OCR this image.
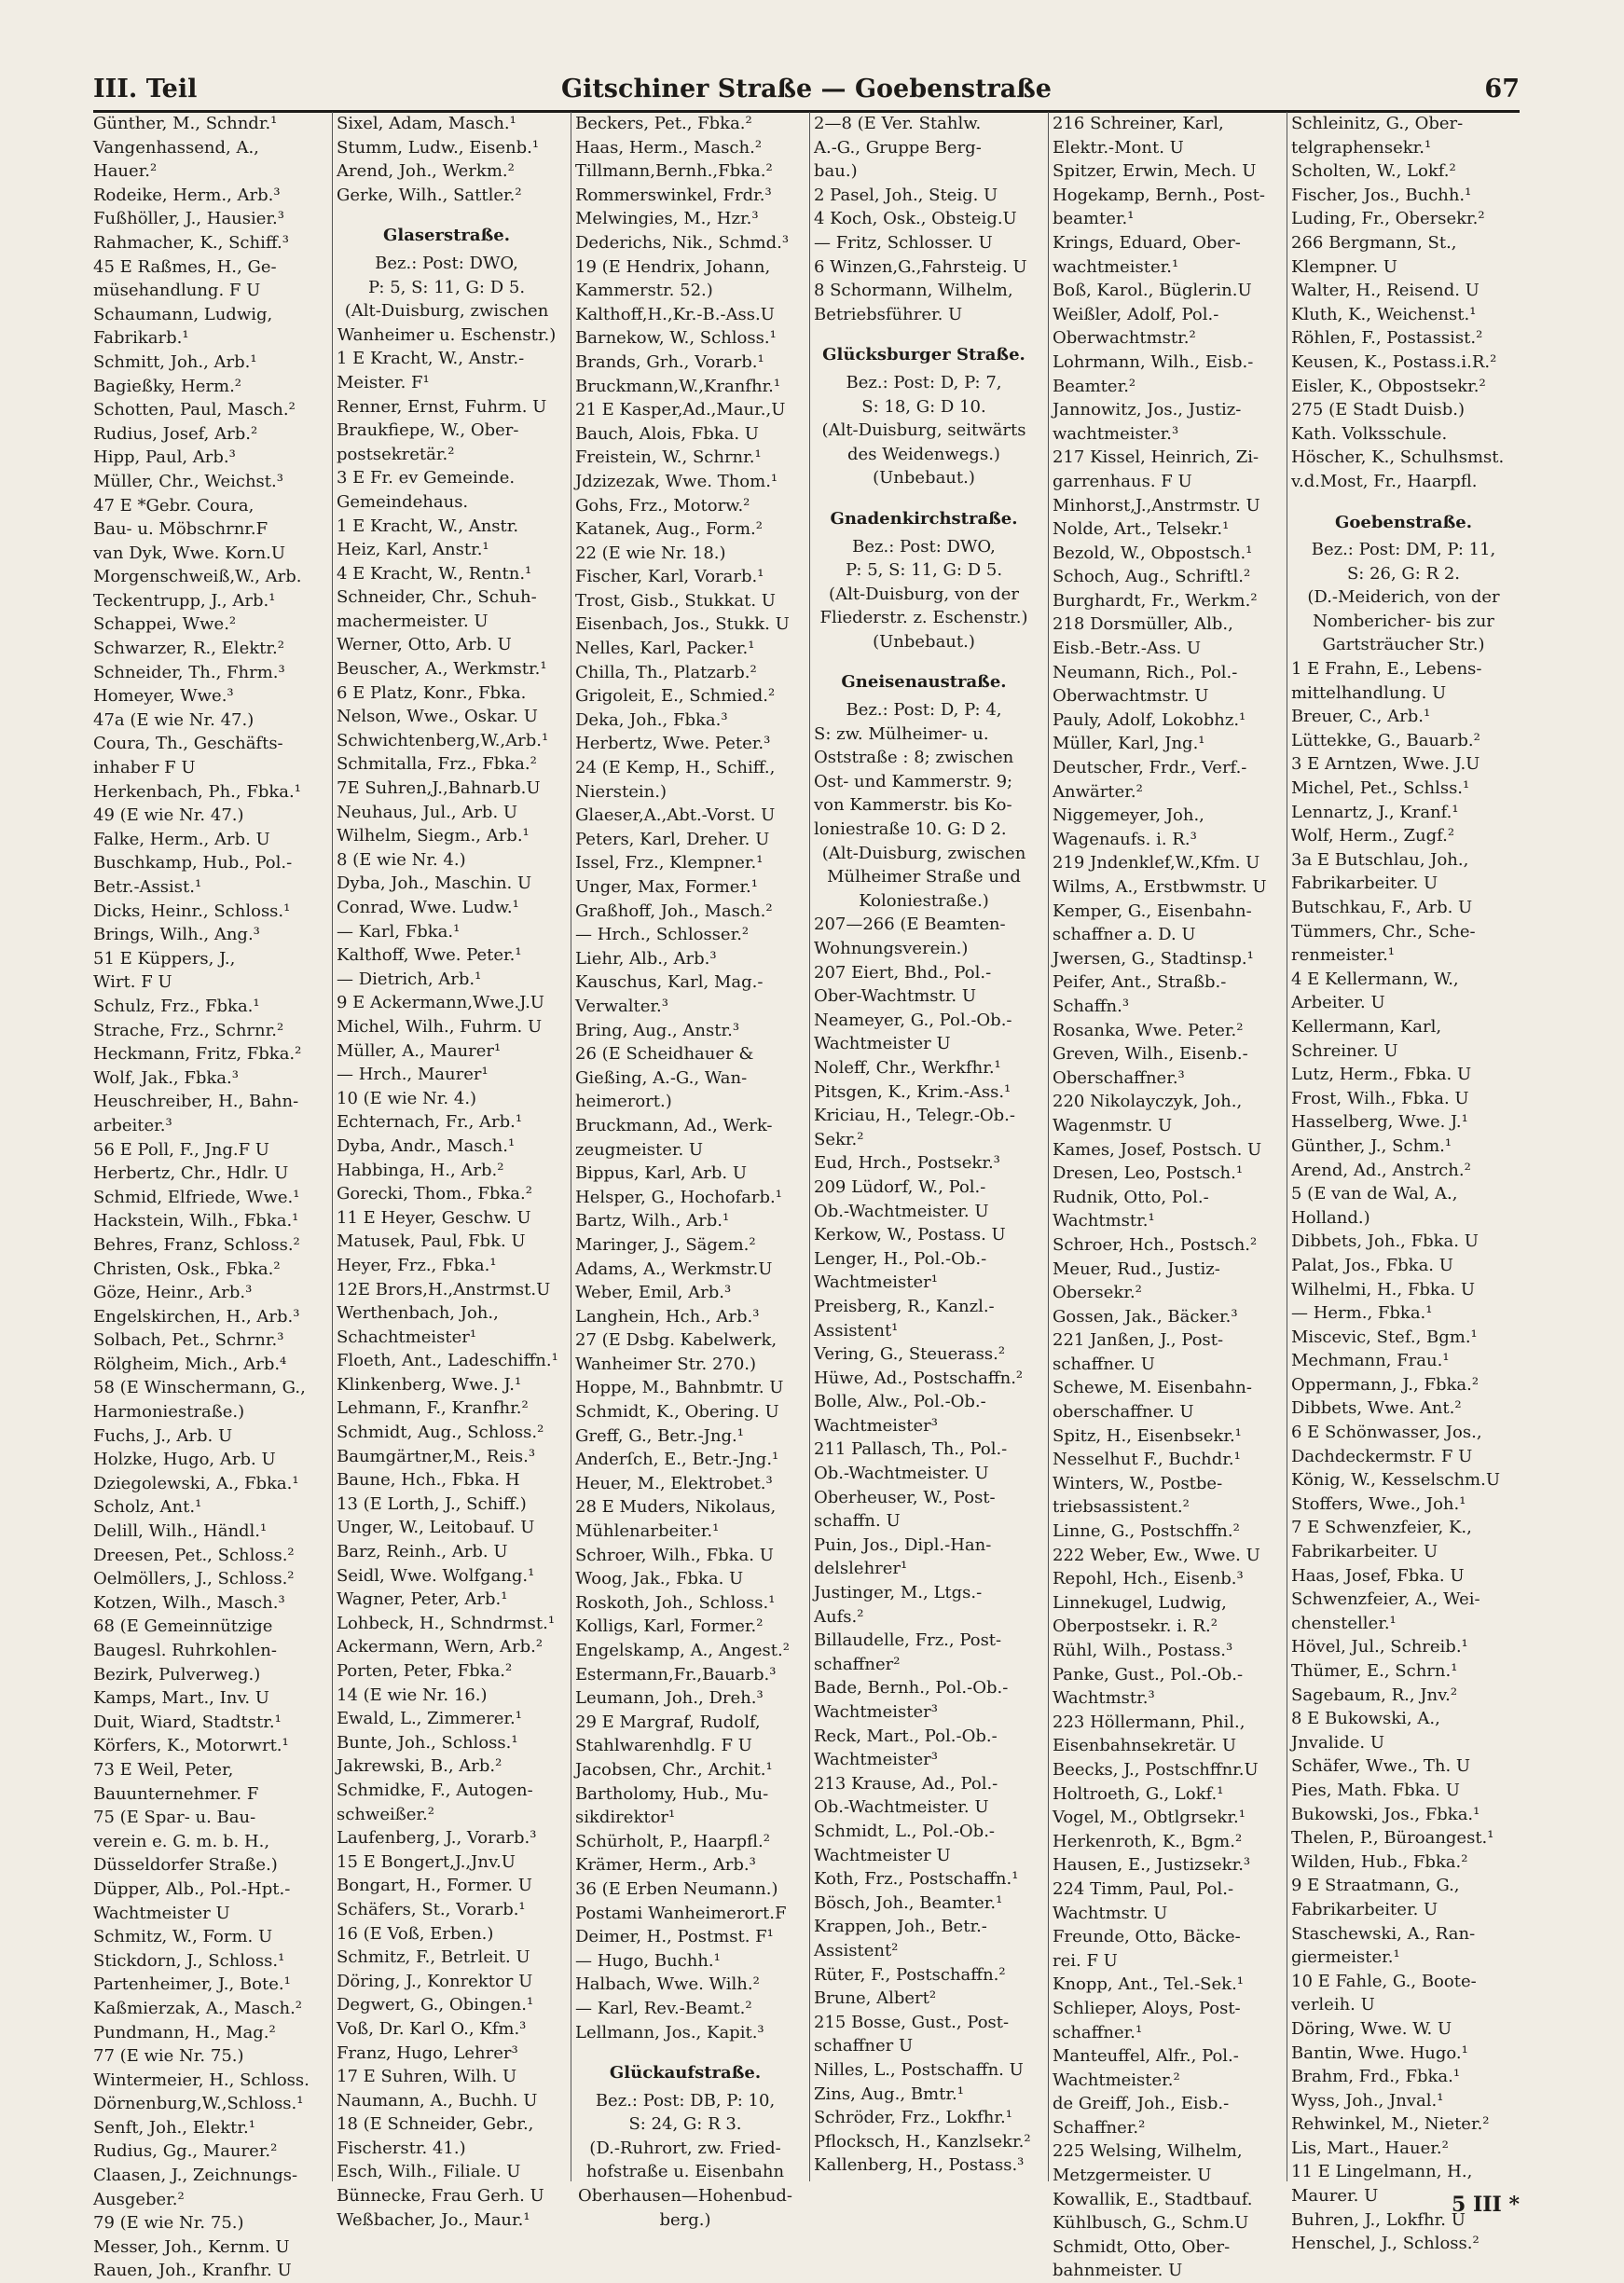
III. Teil	Gitschiner Straße — Goebenstraße	67
Günther, M., Schndr.¹
Vangenhassend, A.,
Hauer.²
Rodeike, Herm., Arb.³
Fußhöller, J., Hausier.³
Rahmacher, K., Schiff.³
45 E Raßmes, H., Ge-
müsehandlung. F U
Schaumann, Ludwig,
Fabrikarb.¹
Schmitt, Joh., Arb.¹
Bagießky, Herm.²
Schotten, Paul, Masch.²
Rudius, Josef, Arb.²
Hipp, Paul, Arb.³
Müller, Chr., Weichst.³
47 E *Gebr. Coura,
Bau- u. Möbschrnr.F
van Dyk, Wwe. Korn.U
Morgenschweiß,W., Arb.
Teckentrupp, J., Arb.¹
Schappei, Wwe.²
Schwarzer, R., Elektr.²
Schneider, Th., Fhrm.³
Homeyer, Wwe.³
47a (E wie Nr. 47.)
Coura, Th., Geschäfts-
inhaber F U
Herkenbach, Ph., Fbka.¹
49 (E wie Nr. 47.)
Falke, Herm., Arb. U
Buschkamp, Hub., Pol.-
Betr.-Assist.¹
Dicks, Heinr., Schloss.¹
Brings, Wilh., Ang.³
51 E Küppers, J.,
Wirt. F U
Schulz, Frz., Fbka.¹
Strache, Frz., Schrnr.²
Heckmann, Fritz, Fbka.²
Wolf, Jak., Fbka.³
Heuschreiber, H., Bahn-
arbeiter.³
56 E Poll, F., Jng.F U
Herbertz, Chr., Hdlr. U
Schmid, Elfriede, Wwe.¹
Hackstein, Wilh., Fbka.¹
Behres, Franz, Schloss.²
Christen, Osk., Fbka.²
Göze, Heinr., Arb.³
Engelskirchen, H., Arb.³
Solbach, Pet., Schrnr.³
Rölgheim, Mich., Arb.⁴
58 (E Winschermann, G.,
Harmoniestraße.)
Fuchs, J., Arb. U
Holzke, Hugo, Arb. U
Dziegolewski, A., Fbka.¹
Scholz, Ant.¹
Delill, Wilh., Händl.¹
Dreesen, Pet., Schloss.²
Oelmöllers, J., Schloss.²
Kotzen, Wilh., Masch.³
68 (E Gemeinnützige
Baugesl. Ruhrkohlen-
Bezirk, Pulverweg.)
Kamps, Mart., Inv. U
Duit, Wiard, Stadtstr.¹
Körfers, K., Motorwrt.¹
73 E Weil, Peter,
Bauunternehmer. F
75 (E Spar- u. Bau-
verein e. G. m. b. H.,
Düsseldorfer Straße.)
Düpper, Alb., Pol.-Hpt.-
Wachtmeister U
Schmitz, W., Form. U
Stickdorn, J., Schloss.¹
Partenheimer, J., Bote.¹
Kaßmierzak, A., Masch.²
Pundmann, H., Mag.²
77 (E wie Nr. 75.)
Wintermeier, H., Schloss.
Dörnenburg,W.,Schloss.¹
Senft, Joh., Elektr.¹
Rudius, Gg., Maurer.²
Claasen, J., Zeichnungs-
Ausgeber.²
79 (E wie Nr. 75.)
Messer, Joh., Kernm. U
Rauen, Joh., Kranfhr. U
Sixel, Adam, Masch.¹
Stumm, Ludw., Eisenb.¹
Arend, Joh., Werkm.²
Gerke, Wilh., Sattler.²
Glaserstraße.
Bez.: Post: DWO,
P: 5, S: 11, G: D 5.
(Alt-Duisburg, zwischen
Wanheimer u. Eschenstr.)
1 E Kracht, W., Anstr.-
Meister. F¹
Renner, Ernst, Fuhrm. U
Braukfiepe, W., Ober-
postsekretär.²
3 E Fr. ev Gemeinde.
Gemeindehaus.
1 E Kracht, W., Anstr.
Heiz, Karl, Anstr.¹
4 E Kracht, W., Rentn.¹
Schneider, Chr., Schuh-
machermeister. U
Werner, Otto, Arb. U
Beuscher, A., Werkmstr.¹
6 E Platz, Konr., Fbka.
Nelson, Wwe., Oskar. U
Schwichtenberg,W.,Arb.¹
Schmitalla, Frz., Fbka.²
7E Suhren,J.,Bahnarb.U
Neuhaus, Jul., Arb. U
Wilhelm, Siegm., Arb.¹
8 (E wie Nr. 4.)
Dyba, Joh., Maschin. U
Conrad, Wwe. Ludw.¹
— Karl, Fbka.¹
Kalthoff, Wwe. Peter.¹
— Dietrich, Arb.¹
9 E Ackermann,Wwe.J.U
Michel, Wilh., Fuhrm. U
Müller, A., Maurer¹
— Hrch., Maurer¹
10 (E wie Nr. 4.)
Echternach, Fr., Arb.¹
Dyba, Andr., Masch.¹
Habbinga, H., Arb.²
Gorecki, Thom., Fbka.²
11 E Heyer, Geschw. U
Matusek, Paul, Fbk. U
Heyer, Frz., Fbka.¹
12E Brors,H.,Anstrmst.U
Werthenbach, Joh.,
Schachtmeister¹
Floeth, Ant., Ladeschiffn.¹
Klinkenberg, Wwe. J.¹
Lehmann, F., Kranfhr.²
Schmidt, Aug., Schloss.²
Baumgärtner,M., Reis.³
Baune, Hch., Fbka. H
13 (E Lorth, J., Schiff.)
Unger, W., Leitobauf. U
Barz, Reinh., Arb. U
Seidl, Wwe. Wolfgang.¹
Wagner, Peter, Arb.¹
Lohbeck, H., Schndrmst.¹
Ackermann, Wern, Arb.²
Porten, Peter, Fbka.²
14 (E wie Nr. 16.)
Ewald, L., Zimmerer.¹
Bunte, Joh., Schloss.¹
Jakrewski, B., Arb.²
Schmidke, F., Autogen-
schweißer.²
Laufenberg, J., Vorarb.³
15 E Bongert,J.,Jnv.U
Bongart, H., Former. U
Schäfers, St., Vorarb.¹
16 (E Voß, Erben.)
Schmitz, F., Betrleit. U
Döring, J., Konrektor U
Degwert, G., Obingen.¹
Voß, Dr. Karl O., Kfm.³
Franz, Hugo, Lehrer³
17 E Suhren, Wilh. U
Naumann, A., Buchh. U
18 (E Schneider, Gebr.,
Fischerstr. 41.)
Esch, Wilh., Filiale. U
Bünnecke, Frau Gerh. U
Weßbacher, Jo., Maur.¹
Beckers, Pet., Fbka.²
Haas, Herm., Masch.²
Tillmann,Bernh.,Fbka.²
Rommerswinkel, Frdr.³
Melwingies, M., Hzr.³
Dederichs, Nik., Schmd.³
19 (E Hendrix, Johann,
Kammerstr. 52.)
Kalthoff,H.,Kr.-B.-Ass.U
Barnekow, W., Schloss.¹
Brands, Grh., Vorarb.¹
Bruckmann,W.,Kranfhr.¹
21 E Kasper,Ad.,Maur.,U
Bauch, Alois, Fbka. U
Freistein, W., Schrnr.¹
Jdzizezak, Wwe. Thom.¹
Gohs, Frz., Motorw.²
Katanek, Aug., Form.²
22 (E wie Nr. 18.)
Fischer, Karl, Vorarb.¹
Trost, Gisb., Stukkat. U
Eisenbach, Jos., Stukk. U
Nelles, Karl, Packer.¹
Chilla, Th., Platzarb.²
Grigoleit, E., Schmied.²
Deka, Joh., Fbka.³
Herbertz, Wwe. Peter.³
24 (E Kemp, H., Schiff.,
Nierstein.)
Glaeser,A.,Abt.-Vorst. U
Peters, Karl, Dreher. U
Issel, Frz., Klempner.¹
Unger, Max, Former.¹
Graßhoff, Joh., Masch.²
— Hrch., Schlosser.²
Liehr, Alb., Arb.³
Kauschus, Karl, Mag.-
Verwalter.³
Bring, Aug., Anstr.³
26 (E Scheidhauer &
Gießing, A.-G., Wan-
heimerort.)
Bruckmann, Ad., Werk-
zeugmeister. U
Bippus, Karl, Arb. U
Helsper, G., Hochofarb.¹
Bartz, Wilh., Arb.¹
Maringer, J., Sägem.²
Adams, A., Werkmstr.U
Weber, Emil, Arb.³
Langhein, Hch., Arb.³
27 (E Dsbg. Kabelwerk,
Wanheimer Str. 270.)
Hoppe, M., Bahnbmtr. U
Schmidt, K., Obering. U
Greff, G., Betr.-Jng.¹
Anderſch, E., Betr.-Jng.¹
Heuer, M., Elektrobet.³
28 E Muders, Nikolaus,
Mühlenarbeiter.¹
Schroer, Wilh., Fbka. U
Woog, Jak., Fbka. U
Roskoth, Joh., Schloss.¹
Kolligs, Karl, Former.²
Engelskamp, A., Angest.²
Estermann,Fr.,Bauarb.³
Leumann, Joh., Dreh.³
29 E Margraf, Rudolf,
Stahlwarenhdlg. F U
Jacobsen, Chr., Archit.¹
Bartholomy, Hub., Mu-
sikdirektor¹
Schürholt, P., Haarpfl.²
Krämer, Herm., Arb.³
36 (E Erben Neumann.)
Postami Wanheimerort.F
Deimer, H., Postmst. F¹
— Hugo, Buchh.¹
Halbach, Wwe. Wilh.²
— Karl, Rev.-Beamt.²
Lellmann, Jos., Kapit.³
Glückaufstraße.
Bez.: Post: DB, P: 10,
S: 24, G: R 3.
(D.-Ruhrort, zw. Fried-
hofstraße u. Eisenbahn
Oberhausen—Hohenbud-
berg.)
2—8 (E Ver. Stahlw.
A.-G., Gruppe Berg-
bau.)
2 Pasel, Joh., Steig. U
4 Koch, Osk., Obsteig.U
— Fritz, Schlosser. U
6 Winzen,G.,Fahrsteig. U
8 Schormann, Wilhelm,
Betriebsführer. U
Glücksburger Straße.
Bez.: Post: D, P: 7,
S: 18, G: D 10.
(Alt-Duisburg, seitwärts
des Weidenwegs.)
(Unbebaut.)
Gnadenkirchstraße.
Bez.: Post: DWO,
P: 5, S: 11, G: D 5.
(Alt-Duisburg, von der
Fliederstr. z. Eschenstr.)
(Unbebaut.)
Gneisenaustraße.
Bez.: Post: D, P: 4,
S: zw. Mülheimer- u.
Oststraße : 8; zwischen
Ost- und Kammerstr. 9;
von Kammerstr. bis Ko-
loniestraße 10. G: D 2.
(Alt-Duisburg, zwischen
Mülheimer Straße und
Koloniestraße.)
207—266 (E Beamten-
Wohnungsverein.)
207 Eiert, Bhd., Pol.-
Ober-Wachtmstr. U
Neameyer, G., Pol.-Ob.-
Wachtmeister U
Noleff, Chr., Werkfhr.¹
Pitsgen, K., Krim.-Ass.¹
Kriciau, H., Telegr.-Ob.-
Sekr.²
Eud, Hrch., Postsekr.³
209 Lüdorf, W., Pol.-
Ob.-Wachtmeister. U
Kerkow, W., Postass. U
Lenger, H., Pol.-Ob.-
Wachtmeister¹
Preisberg, R., Kanzl.-
Assistent¹
Vering, G., Steuerass.²
Hüwe, Ad., Postschaffn.²
Bolle, Alw., Pol.-Ob.-
Wachtmeister³
211 Pallasch, Th., Pol.-
Ob.-Wachtmeister. U
Oberheuser, W., Post-
schaffn. U
Puin, Jos., Dipl.-Han-
delslehrer¹
Justinger, M., Ltgs.-
Aufs.²
Billaudelle, Frz., Post-
schaffner²
Bade, Bernh., Pol.-Ob.-
Wachtmeister³
Reck, Mart., Pol.-Ob.-
Wachtmeister³
213 Krause, Ad., Pol.-
Ob.-Wachtmeister. U
Schmidt, L., Pol.-Ob.-
Wachtmeister U
Koth, Frz., Postschaffn.¹
Bösch, Joh., Beamter.¹
Krappen, Joh., Betr.-
Assistent²
Rüter, F., Postschaffn.²
Brune, Albert²
215 Bosse, Gust., Post-
schaffner U
Nilles, L., Postschaffn. U
Zins, Aug., Bmtr.¹
Schröder, Frz., Lokfhr.¹
Pflocksch, H., Kanzlsekr.²
Kallenberg, H., Postass.³
216 Schreiner, Karl,
Elektr.-Mont. U
Spitzer, Erwin, Mech. U
Hogekamp, Bernh., Post-
beamter.¹
Krings, Eduard, Ober-
wachtmeister.¹
Boß, Karol., Büglerin.U
Weißler, Adolf, Pol.-
Oberwachtmstr.²
Lohrmann, Wilh., Eisb.-
Beamter.²
Jannowitz, Jos., Justiz-
wachtmeister.³
217 Kissel, Heinrich, Zi-
garrenhaus. F U
Minhorst,J.,Anstrmstr. U
Nolde, Art., Telsekr.¹
Bezold, W., Obpostsch.¹
Schoch, Aug., Schriftl.²
Burghardt, Fr., Werkm.²
218 Dorsmüller, Alb.,
Eisb.-Betr.-Ass. U
Neumann, Rich., Pol.-
Oberwachtmstr. U
Pauly, Adolf, Lokobhz.¹
Müller, Karl, Jng.¹
Deutscher, Frdr., Verf.-
Anwärter.²
Niggemeyer, Joh.,
Wagenaufs. i. R.³
219 Jndenklef,W.,Kfm. U
Wilms, A., Erstbwmstr. U
Kemper, G., Eisenbahn-
schaffner a. D. U
Jwersen, G., Stadtinsp.¹
Peifer, Ant., Straßb.-
Schaffn.³
Rosanka, Wwe. Peter.²
Greven, Wilh., Eisenb.-
Oberschaffner.³
220 Nikolayczyk, Joh.,
Wagenmstr. U
Kames, Josef, Postsch. U
Dresen, Leo, Postsch.¹
Rudnik, Otto, Pol.-
Wachtmstr.¹
Schroer, Hch., Postsch.²
Meuer, Rud., Justiz-
Obersekr.²
Gossen, Jak., Bäcker.³
221 Janßen, J., Post-
schaffner. U
Schewe, M. Eisenbahn-
oberschaffner. U
Spitz, H., Eisenbsekr.¹
Nesselhut F., Buchdr.¹
Winters, W., Postbe-
triebsassistent.²
Linne, G., Postschffn.²
222 Weber, Ew., Wwe. U
Repohl, Hch., Eisenb.³
Linnekugel, Ludwig,
Oberpostsekr. i. R.²
Rühl, Wilh., Postass.³
Panke, Gust., Pol.-Ob.-
Wachtmstr.³
223 Höllermann, Phil.,
Eisenbahnsekretär. U
Beecks, J., Postschffnr.U
Holtroeth, G., Lokf.¹
Vogel, M., Obtlgrsekr.¹
Herkenroth, K., Bgm.²
Hausen, E., Justizsekr.³
224 Timm, Paul, Pol.-
Wachtmstr. U
Freunde, Otto, Bäcke-
rei. F U
Knopp, Ant., Tel.-Sek.¹
Schlieper, Aloys, Post-
schaffner.¹
Manteuffel, Alfr., Pol.-
Wachtmeister.²
de Greiff, Joh., Eisb.-
Schaffner.²
225 Welsing, Wilhelm,
Metzgermeister. U
Kowallik, E., Stadtbauf.
Kühlbusch, G., Schm.U
Schmidt, Otto, Ober-
bahnmeister. U
Schleinitz, G., Ober-
telgraphensekr.¹
Scholten, W., Lokf.²
Fischer, Jos., Buchh.¹
Luding, Fr., Obersekr.²
266 Bergmann, St.,
Klempner. U
Walter, H., Reisend. U
Kluth, K., Weichenst.¹
Röhlen, F., Postassist.²
Keusen, K., Postass.i.R.²
Eisler, K., Obpostsekr.²
275 (E Stadt Duisb.)
Kath. Volksschule.
Höscher, K., Schulhsmst.
v.d.Most, Fr., Haarpfl.
Goebenstraße.
Bez.: Post: DM, P: 11,
S: 26, G: R 2.
(D.-Meiderich, von der
Nombericher- bis zur
Gartsträucher Str.)
1 E Frahn, E., Lebens-
mittelhandlung. U
Breuer, C., Arb.¹
Lüttekke, G., Bauarb.²
3 E Arntzen, Wwe. J.U
Michel, Pet., Schlss.¹
Lennartz, J., Kranf.¹
Wolf, Herm., Zugf.²
3a E Butschlau, Joh.,
Fabrikarbeiter. U
Butschkau, F., Arb. U
Tümmers, Chr., Sche-
renmeister.¹
4 E Kellermann, W.,
Arbeiter. U
Kellermann, Karl,
Schreiner. U
Lutz, Herm., Fbka. U
Frost, Wilh., Fbka. U
Hasselberg, Wwe. J.¹
Günther, J., Schm.¹
Arend, Ad., Anstrch.²
5 (E van de Wal, A.,
Holland.)
Dibbets, Joh., Fbka. U
Palat, Jos., Fbka. U
Wilhelmi, H., Fbka. U
— Herm., Fbka.¹
Miscevic, Stef., Bgm.¹
Mechmann, Frau.¹
Oppermann, J., Fbka.²
Dibbets, Wwe. Ant.²
6 E Schönwasser, Jos.,
Dachdeckermstr. F U
König, W., Kesselschm.U
Stoffers, Wwe., Joh.¹
7 E Schwenzfeier, K.,
Fabrikarbeiter. U
Haas, Josef, Fbka. U
Schwenzfeier, A., Wei-
chensteller.¹
Hövel, Jul., Schreib.¹
Thümer, E., Schrn.¹
Sagebaum, R., Jnv.²
8 E Bukowski, A.,
Jnvalide. U
Schäfer, Wwe., Th. U
Pies, Math. Fbka. U
Bukowski, Jos., Fbka.¹
Thelen, P., Büroangest.¹
Wilden, Hub., Fbka.²
9 E Straatmann, G.,
Fabrikarbeiter. U
Staschewski, A., Ran-
giermeister.¹
10 E Fahle, G., Boote-
verleih. U
Döring, Wwe. W. U
Bantin, Wwe. Hugo.¹
Brahm, Frd., Fbka.¹
Wyss, Joh., Jnval.¹
Rehwinkel, M., Nieter.²
Lis, Mart., Hauer.²
11 E Lingelmann, H.,
Maurer. U
Buhren, J., Lokfhr. U
Henschel, J., Schloss.²
5 III *
